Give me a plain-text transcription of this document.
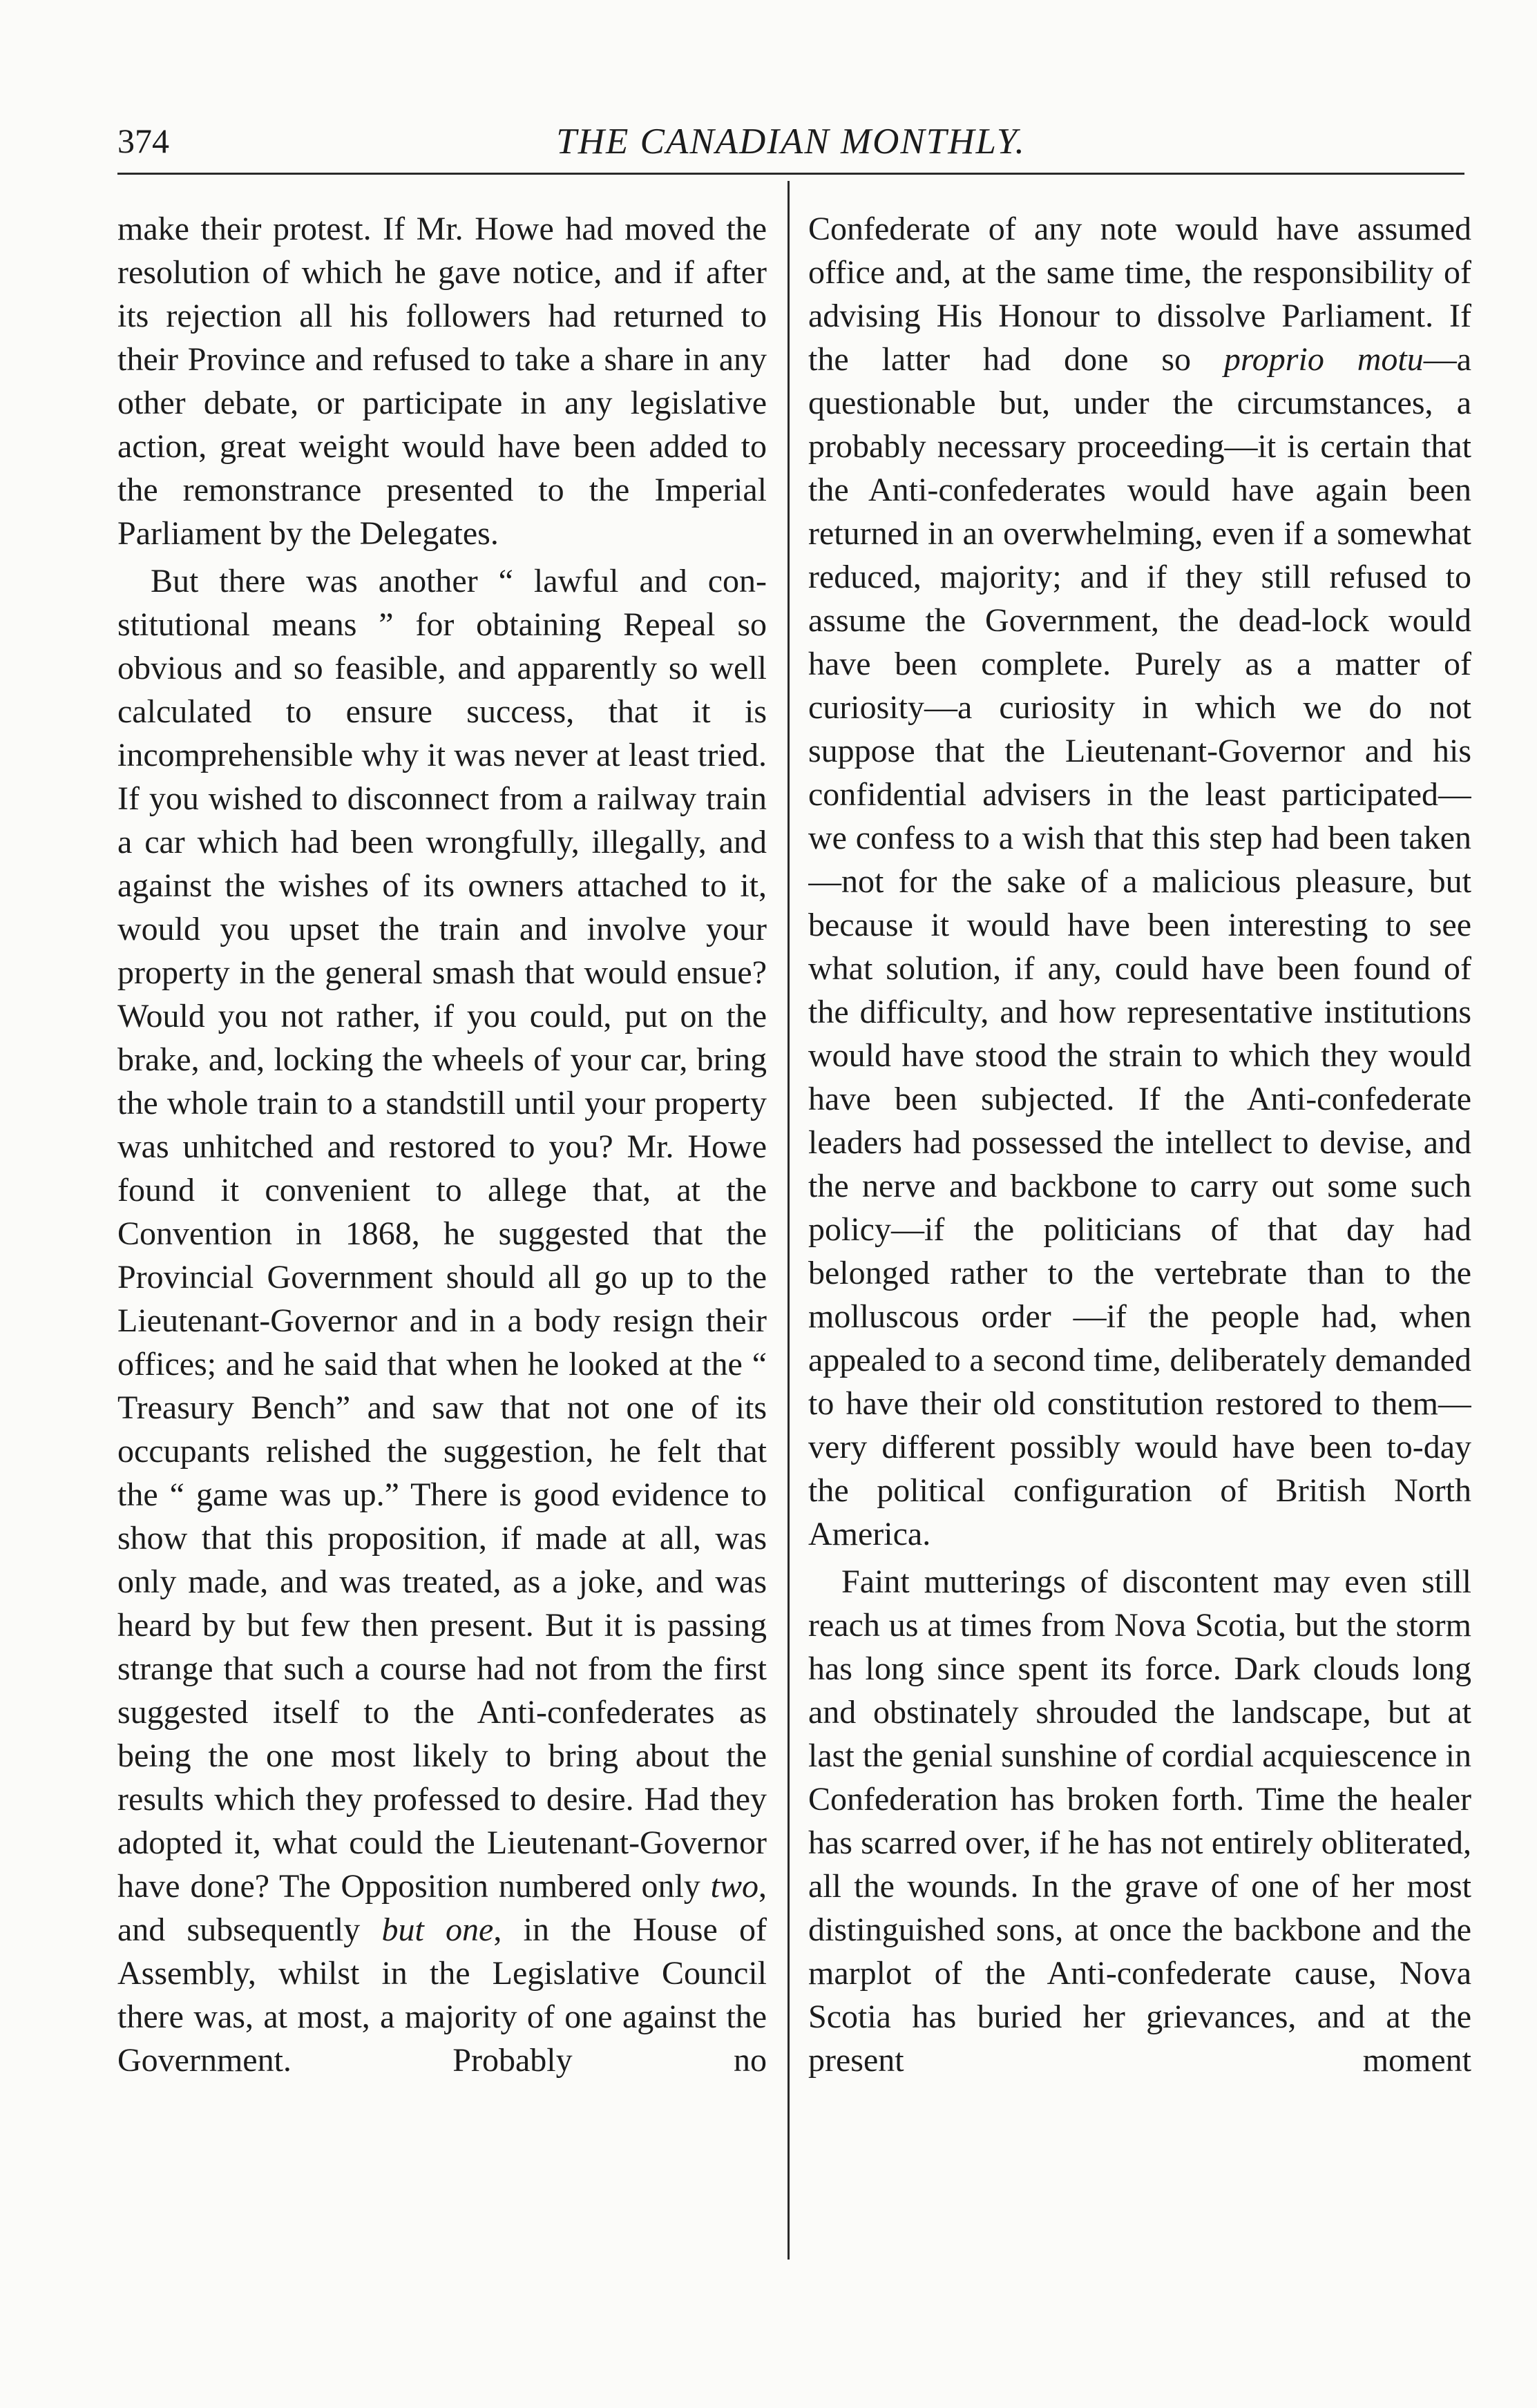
374	THE CANADIAN MONTHLY.

make their protest. If Mr. Howe had moved the resolution of which he gave notice, and if after its rejection all his followers had returned to their Province and refused to take a share in any other debate, or participate in any legislative action, great weight would have been added to the remonstrance presented to the Imperial Parliament by the Delegates.

But there was another “ lawful and constitutional means ” for obtaining Repeal so obvious and so feasible, and apparently so well calculated to ensure success, that it is incomprehensible why it was never at least tried. If you wished to disconnect from a railway train a car which had been wrongfully, illegally, and against the wishes of its owners attached to it, would you upset the train and involve your property in the general smash that would ensue? Would you not rather, if you could, put on the brake, and, locking the wheels of your car, bring the whole train to a standstill until your property was unhitched and restored to you? Mr. Howe found it convenient to allege that, at the Convention in 1868, he suggested that the Provincial Government should all go up to the Lieutenant-Governor and in a body resign their offices; and he said that when he looked at the “ Treasury Bench” and saw that not one of its occupants relished the suggestion, he felt that the “ game was up.” There is good evidence to show that this proposition, if made at all, was only made, and was treated, as a joke, and was heard by but few then present. But it is passing strange that such a course had not from the first suggested itself to the Anti-confederates as being the one most likely to bring about the results which they professed to desire. Had they adopted it, what could the Lieutenant-Governor have done? The Opposition numbered only two, and subsequently but one, in the House of Assembly, whilst in the Legislative Council there was, at most, a majority of one against the Government. Probably no

Confederate of any note would have assumed office and, at the same time, the responsibility of advising His Honour to dissolve Parliament. If the latter had done so proprio motu—a questionable but, under the circumstances, a probably necessary proceeding—it is certain that the Anti-confederates would have again been returned in an overwhelming, even if a somewhat reduced, majority; and if they still refused to assume the Government, the dead-lock would have been complete. Purely as a matter of curiosity—a curiosity in which we do not suppose that the Lieutenant-Governor and his confidential advisers in the least participated—we confess to a wish that this step had been taken—not for the sake of a malicious pleasure, but because it would have been interesting to see what solution, if any, could have been found of the difficulty, and how representative institutions would have stood the strain to which they would have been subjected. If the Anti-confederate leaders had possessed the intellect to devise, and the nerve and backbone to carry out some such policy—if the politicians of that day had belonged rather to the vertebrate than to the molluscous order —if the people had, when appealed to a second time, deliberately demanded to have their old constitution restored to them—very different possibly would have been to-day the political configuration of British North America.

Faint mutterings of discontent may even still reach us at times from Nova Scotia, but the storm has long since spent its force. Dark clouds long and obstinately shrouded the landscape, but at last the genial sunshine of cordial acquiescence in Confederation has broken forth. Time the healer has scarred over, if he has not entirely obliterated, all the wounds. In the grave of one of her most distinguished sons, at once the backbone and the marplot of the Anti-confederate cause, Nova Scotia has buried her grievances, and at the present moment
